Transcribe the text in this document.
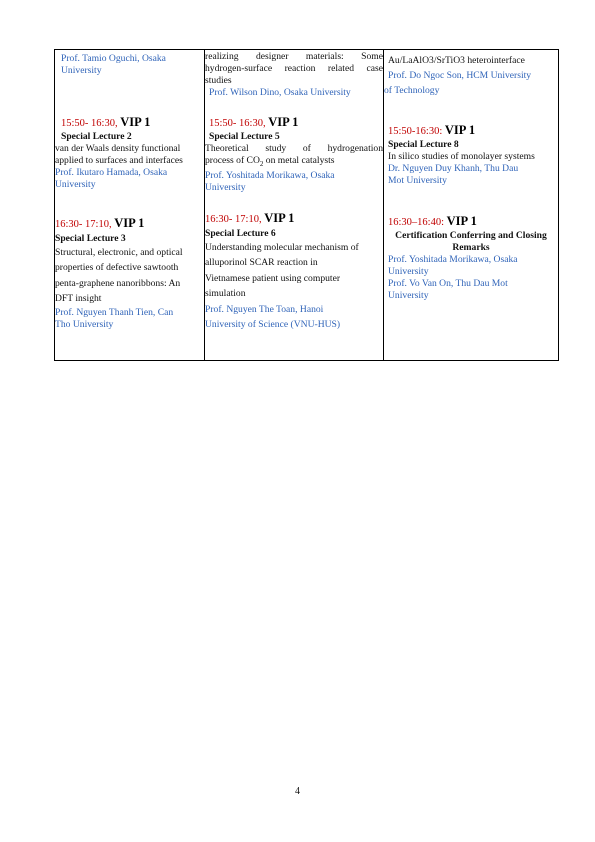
Prof. Tamio Oguchi, Osaka
University
15:50- 16:30, VIP 1
Special Lecture 2
van der Waals density functional
applied to surfaces and interfaces
Prof. Ikutaro Hamada, Osaka
University
16:30- 17:10, VIP 1
Special Lecture 3
Structural, electronic, and optical
properties of defective sawtooth
penta-graphene nanoribbons: An
DFT insight
Prof. Nguyen Thanh Tien, Can
Tho University
realizing designer materials: Some
hydrogen-surface reaction related case
studies
Prof. Wilson Dino, Osaka University
15:50- 16:30, VIP 1
Special Lecture 5
Theoretical study of hydrogenation
process of $CO_2$ on metal catalysts
Prof. Yoshitada Morikawa, Osaka
University
16:30- 17:10, VIP 1
Special Lecture 6
Understanding molecular mechanism of
alluporinol SCAR reaction in
Vietnamese patient using computer
simulation
Prof. Nguyen The Toan, Hanoi
University of Science (VNU-HUS)
Au/LaAlO3/SrTiO3 heterointerface
Prof. Do Ngoc Son, HCM University
of Technology
15:50-16:30: VIP 1
Special Lecture 8
In silico studies of monolayer systems
Dr. Nguyen Duy Khanh, Thu Dau
Mot University
16:30–16:40: VIP 1
Certification Conferring and Closing
Remarks
Prof. Yoshitada Morikawa, Osaka
University
Prof. Vo Van On, Thu Dau Mot
University
4
